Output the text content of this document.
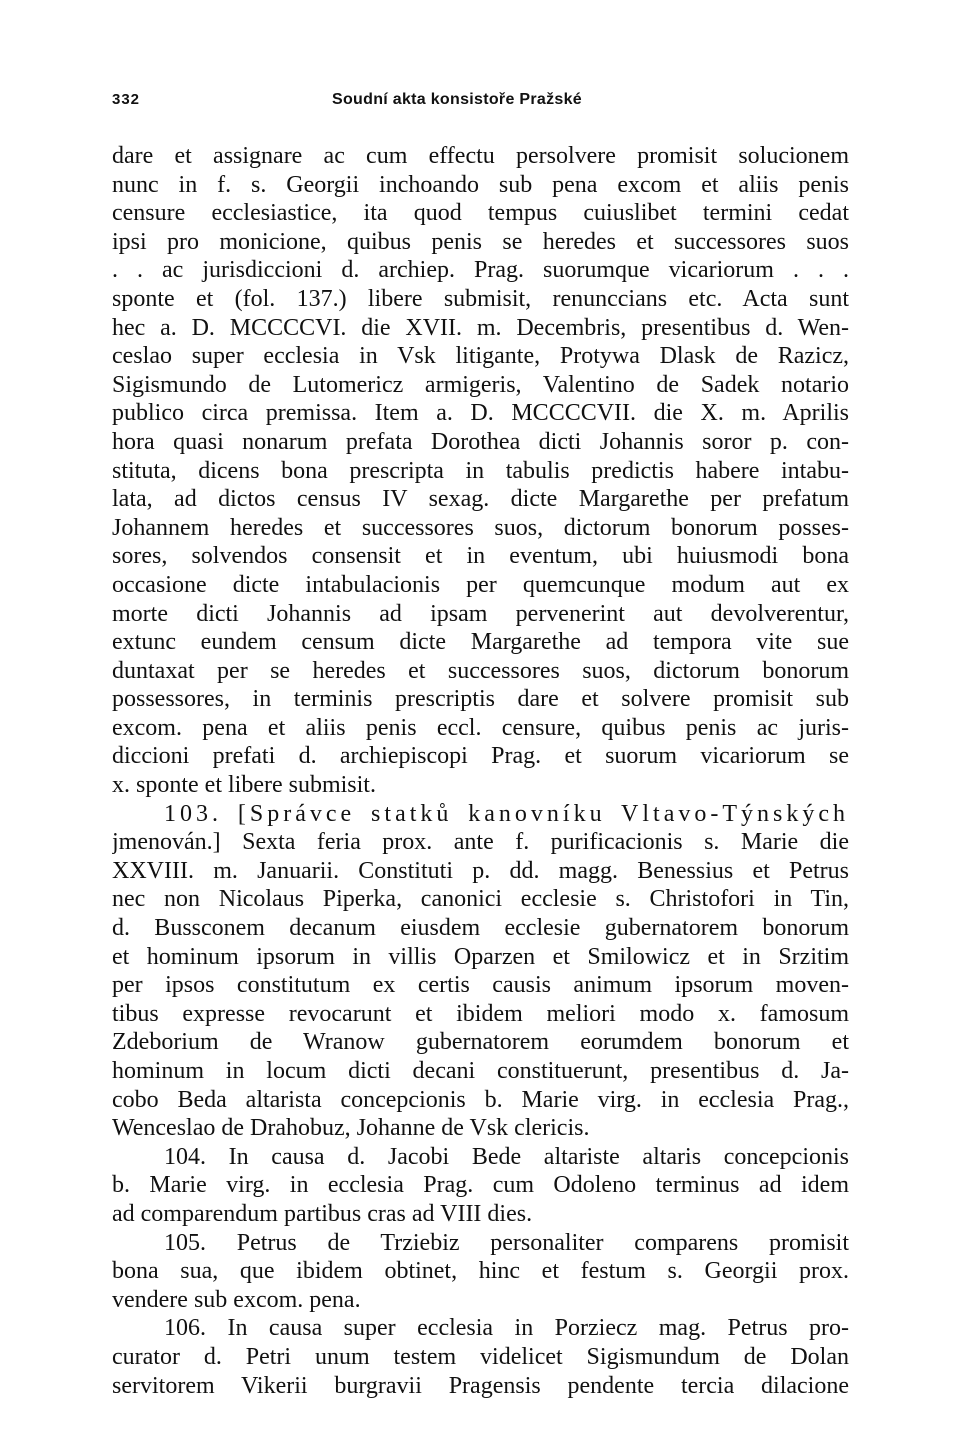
332	Soudní akta konsistoře Pražské
dare et assignare ac cum effectu persolvere promisit solucionem
nunc in f. s. Georgii inchoando sub pena excom et aliis penis
censure ecclesiastice, ita quod tempus cuiuslibet termini cedat
ipsi pro monicione, quibus penis se heredes et successores suos
. . ac jurisdiccioni d. archiep. Prag. suorumque vicariorum . . .
sponte et (fol. 137.) libere submisit, renunccians etc. Acta sunt
hec a. D. MCCCCVI. die XVII. m. Decembris, presentibus d. Wen-
ceslao super ecclesia in Vsk litigante, Protywa Dlask de Razicz,
Sigismundo de Lutomericz armigeris, Valentino de Sadek notario
publico circa premissa. Item a. D. MCCCCVII. die X. m. Aprilis
hora quasi nonarum prefata Dorothea dicti Johannis soror p. con-
stituta, dicens bona prescripta in tabulis predictis habere intabu-
lata, ad dictos census IV sexag. dicte Margarethe per prefatum
Johannem heredes et successores suos, dictorum bonorum posses-
sores, solvendos consensit et in eventum, ubi huiusmodi bona
occasione dicte intabulacionis per quemcunque modum aut ex
morte dicti Johannis ad ipsam pervenerint aut devolverentur,
extunc eundem censum dicte Margarethe ad tempora vite sue
duntaxat per se heredes et successores suos, dictorum bonorum
possessores, in terminis prescriptis dare et solvere promisit sub
excom. pena et aliis penis eccl. censure, quibus penis ac juris-
diccioni prefati d. archiepiscopi Prag. et suorum vicariorum se
x. sponte et libere submisit.
103. [Správce statků kanovníku Vltavo-Týnských
jmenován.] Sexta feria prox. ante f. purificacionis s. Marie die
XXVIII. m. Januarii. Constituti p. dd. magg. Benessius et Petrus
nec non Nicolaus Piperka, canonici ecclesie s. Christofori in Tin,
d. Bussconem decanum eiusdem ecclesie gubernatorem bonorum
et hominum ipsorum in villis Oparzen et Smilowicz et in Srzitim
per ipsos constitutum ex certis causis animum ipsorum moven-
tibus expresse revocarunt et ibidem meliori modo x. famosum
Zdeborium de Wranow gubernatorem eorumdem bonorum et
hominum in locum dicti decani constituerunt, presentibus d. Ja-
cobo Beda altarista concepcionis b. Marie virg. in ecclesia Prag.,
Wenceslao de Drahobuz, Johanne de Vsk clericis.
104. In causa d. Jacobi Bede altariste altaris concepcionis
b. Marie virg. in ecclesia Prag. cum Odoleno terminus ad idem
ad comparendum partibus cras ad VIII dies.
105. Petrus de Trziebiz personaliter comparens promisit
bona sua, que ibidem obtinet, hinc et festum s. Georgii prox.
vendere sub excom. pena.
106. In causa super ecclesia in Porziecz mag. Petrus pro-
curator d. Petri unum testem videlicet Sigismundum de Dolan
servitorem Vikerii burgravii Pragensis pendente tercia dilacione
